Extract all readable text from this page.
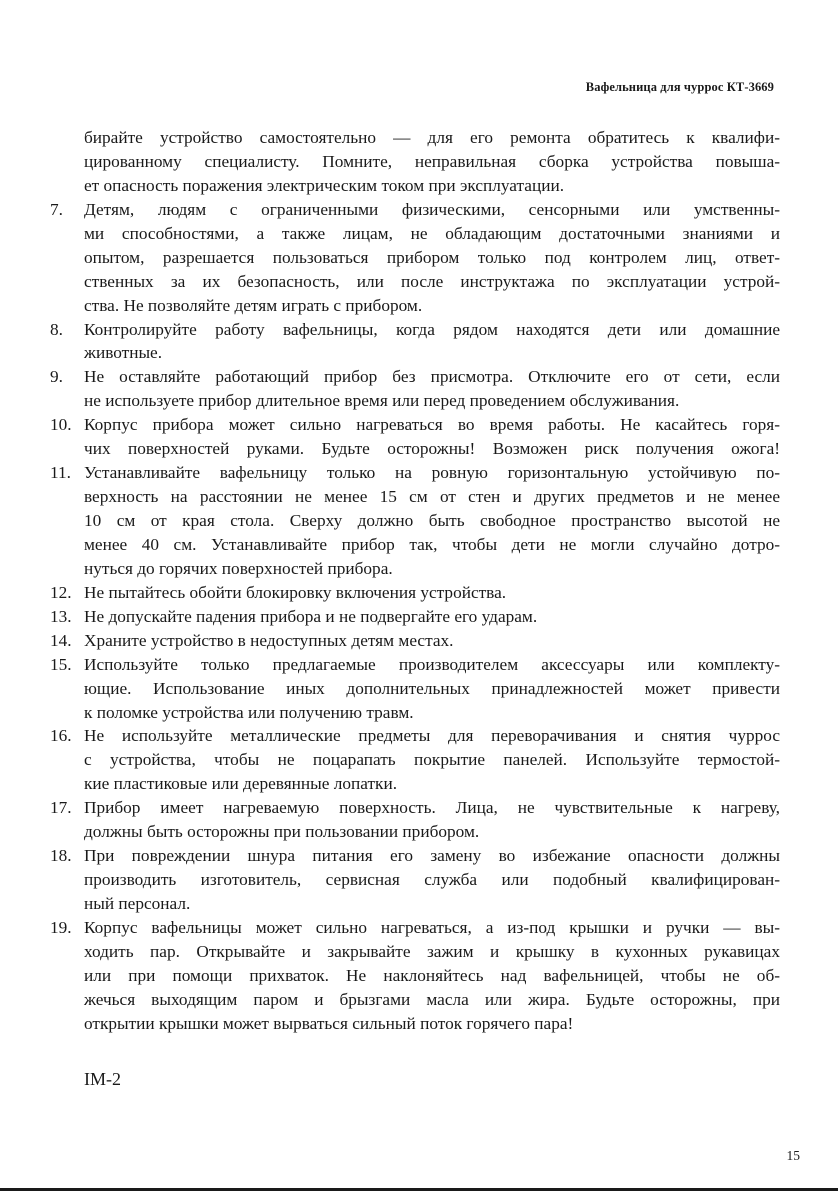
Вафельница для чуррос КТ-3669
бирайте устройство самостоятельно — для его ремонта обратитесь к квалифи-
цированному специалисту. Помните, неправильная сборка устройства повыша-
ет опасность поражения электрическим током при эксплуатации.
7.	Детям, людям с ограниченными физическими, сенсорными или умственны-
ми способностями, а также лицам, не обладающим достаточными знаниями и
опытом, разрешается пользоваться прибором только под контролем лиц, ответ-
ственных за их безопасность, или после инструктажа по эксплуатации устрой-
ства. Не позволяйте детям играть с прибором.
8.	Контролируйте работу вафельницы, когда рядом находятся дети или домашние
животные.
9.	Не оставляйте работающий прибор без присмотра. Отключите его от сети, если
не используете прибор длительное время или перед проведением обслуживания.
10. Корпус прибора может сильно нагреваться во время работы. Не касайтесь горя-
чих поверхностей руками. Будьте осторожны! Возможен риск получения ожога!
11. Устанавливайте вафельницу только на ровную горизонтальную устойчивую по-
верхность на расстоянии не менее 15 см от стен и других предметов и не менее
10 см от края стола. Сверху должно быть свободное пространство высотой не
менее 40 см. Устанавливайте прибор так, чтобы дети не могли случайно дотро-
нуться до горячих поверхностей прибора.
12. Не пытайтесь обойти блокировку включения устройства.
13. Не допускайте падения прибора и не подвергайте его ударам.
14. Храните устройство в недоступных детям местах.
15. Используйте только предлагаемые производителем аксессуары или комплекту-
ющие. Использование иных дополнительных принадлежностей может привести
к поломке устройства или получению травм.
16. Не используйте металлические предметы для переворачивания и снятия чуррос
с устройства, чтобы не поцарапать покрытие панелей. Используйте термостой-
кие пластиковые или деревянные лопатки.
17. Прибор имеет нагреваемую поверхность. Лица, не чувствительные к нагреву,
должны быть осторожны при пользовании прибором.
18. При повреждении шнура питания его замену во избежание опасности должны
производить изготовитель, сервисная служба или подобный квалифицирован-
ный персонал.
19. Корпус вафельницы может сильно нагреваться, а из-под крышки и ручки — вы-
ходить пар. Открывайте и закрывайте зажим и крышку в кухонных рукавицах
или при помощи прихваток. Не наклоняйтесь над вафельницей, чтобы не об-
жечься выходящим паром и брызгами масла или жира. Будьте осторожны, при
открытии крышки может вырваться сильный поток горячего пара!
IM-2
15
